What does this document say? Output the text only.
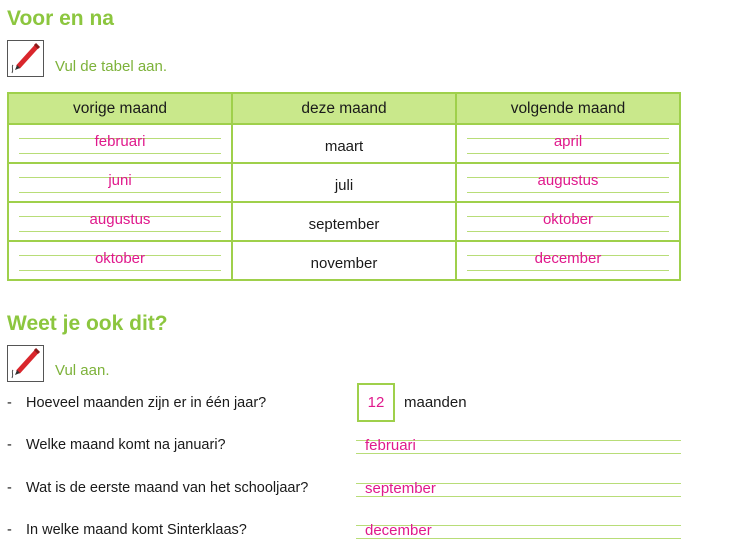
Voor en na
Vul de tabel aan.
vorige maand	deze maand	volgende maand

februari	maart	april

juni	juli	augustus

augustus	september	oktober

oktober	november	december
Weet je ook dit?
Vul aan.
- Hoeveel maanden zijn er in één jaar?	12	maanden
- Welke maand komt na januari?	februari
- Wat is de eerste maand van het schooljaar?	september
- In welke maand komt Sinterklaas?	december
